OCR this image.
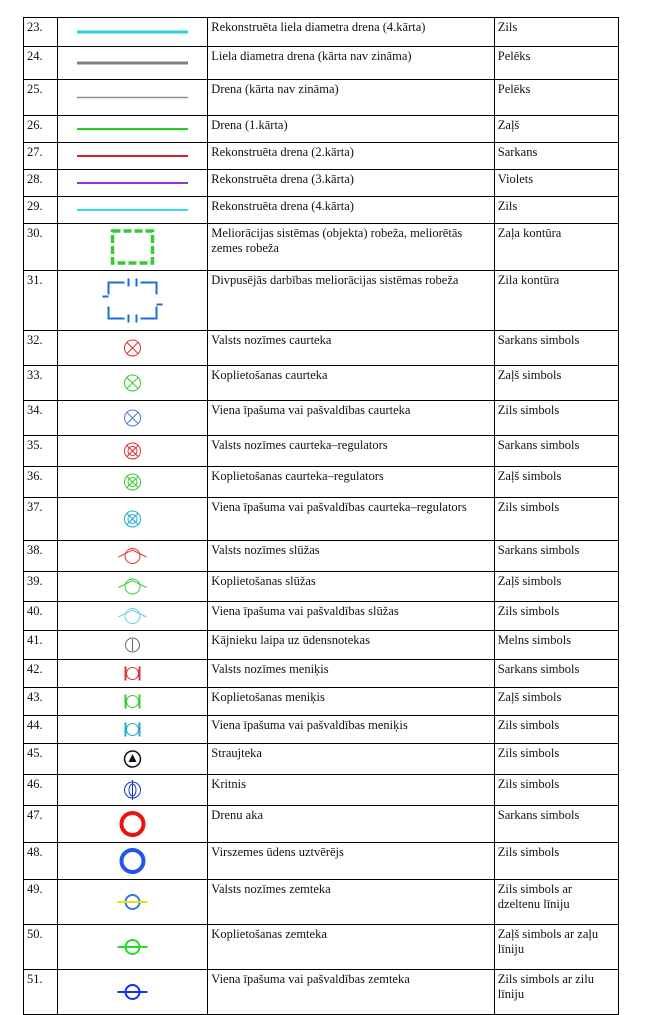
23.		Rekonstruēta liela diametra drena (4.kārta)	Zils
24.		Liela diametra drena (kārta nav zināma)	Pelēks
25.		Drena (kārta nav zināma)	Pelēks
26.		Drena (1.kārta)	Zaļš
27.		Rekonstruēta drena (2.kārta)	Sarkans
28.		Rekonstruēta drena (3.kārta)	Violets
29.		Rekonstruēta drena (4.kārta)	Zils
30.		Meliorācijas sistēmas (objekta) robeža, meliorētās zemes robeža	Zaļa kontūra
31.		Divpusējās darbības meliorācijas sistēmas robeža	Zila kontūra
32.		Valsts nozīmes caurteka	Sarkans simbols
33.		Koplietošanas caurteka	Zaļš simbols
34.		Viena īpašuma vai pašvaldības caurteka	Zils simbols
35.		Valsts nozīmes caurteka–regulators	Sarkans simbols
36.		Koplietošanas caurteka–regulators	Zaļš simbols
37.		Viena īpašuma vai pašvaldības caurteka–regulators	Zils simbols
38.		Valsts nozīmes slūžas	Sarkans simbols
39.		Koplietošanas slūžas	Zaļš simbols
40.		Viena īpašuma vai pašvaldības slūžas	Zils simbols
41.		Kājnieku laipa uz ūdensnotekas	Melns simbols
42.		Valsts nozīmes meniķis	Sarkans simbols
43.		Koplietošanas meniķis	Zaļš simbols
44.		Viena īpašuma vai pašvaldības meniķis	Zils simbols
45.		Straujteka	Zils simbols
46.		Kritnis	Zils simbols
47.		Drenu aka	Sarkans simbols
48.		Virszemes ūdens uztvērējs	Zils simbols
49.		Valsts nozīmes zemteka	Zils simbols ar dzeltenu līniju
50.		Koplietošanas zemteka	Zaļš simbols ar zaļu līniju
51.		Viena īpašuma vai pašvaldības zemteka	Zils simbols ar zilu līniju
